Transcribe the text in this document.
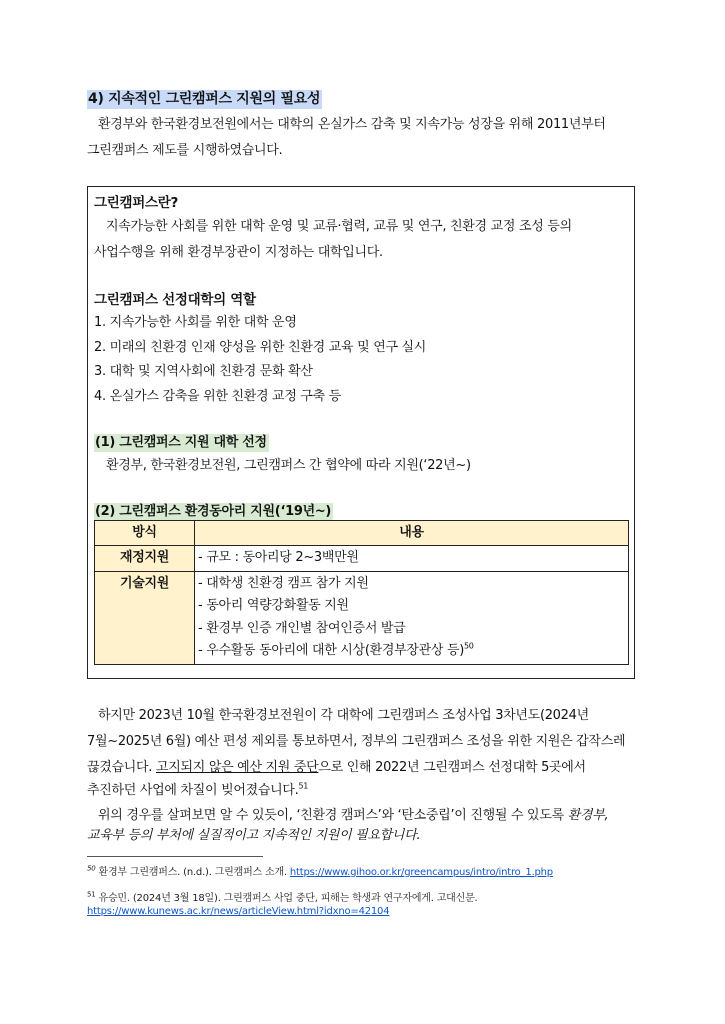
4) 지속적인 그린캠퍼스 지원의 필요성
환경부와 한국환경보전원에서는 대학의 온실가스 감축 및 지속가능 성장을 위해 2011년부터
그린캠퍼스 제도를 시행하였습니다.
그린캠퍼스란?
지속가능한 사회를 위한 대학 운영 및 교류·협력, 교류 및 연구, 친환경 교정 조성 등의
사업수행을 위해 환경부장관이 지정하는 대학입니다.
그린캠퍼스 선정대학의 역할
1. 지속가능한 사회를 위한 대학 운영
2. 미래의 친환경 인재 양성을 위한 친환경 교육 및 연구 실시
3. 대학 및 지역사회에 친환경 문화 확산
4. 온실가스 감축을 위한 친환경 교정 구축 등
(1) 그린캠퍼스 지원 대학 선정
환경부, 한국환경보전원, 그린캠퍼스 간 협약에 따라 지원(‘22년~)
(2) 그린캠퍼스 환경동아리 지원(‘19년~)
방식	내용
재정지원	- 규모 : 동아리당 2~3백만원

기술지원	- 대학생 친환경 캠프 참가 지원
- 동아리 역량강화활동 지원
- 환경부 인증 개인별 참여인증서 발급
- 우수활동 동아리에 대한 시상(환경부장관상 등)$^{50}$
하지만 2023년 10월 한국환경보전원이 각 대학에 그린캠퍼스 조성사업 3차년도(2024년
7월~2025년 6월) 예산 편성 제외를 통보하면서, 정부의 그린캠퍼스 조성을 위한 지원은 갑작스레
끊겼습니다. 고지되지 않은 예산 지원 중단으로 인해 2022년 그린캠퍼스 선정대학 5곳에서
추진하던 사업에 차질이 빚어졌습니다.$^{51}$
위의 경우를 살펴보면 알 수 있듯이, ‘친환경 캠퍼스’와 ‘탄소중립’이 진행될 수 있도록 환경부,
교육부 등의 부처에 실질적이고 지속적인 지원이 필요합니다.
$^{50}$ 환경부 그린캠퍼스. (n.d.). 그린캠퍼스 소개. https://www.gihoo.or.kr/greencampus/intro/intro_1.php
$^{51}$ 유승민. (2024년 3월 18일). 그린캠퍼스 사업 중단, 피해는 학생과 연구자에게. 고대신문.
https://www.kunews.ac.kr/news/articleView.html?idxno=42104
